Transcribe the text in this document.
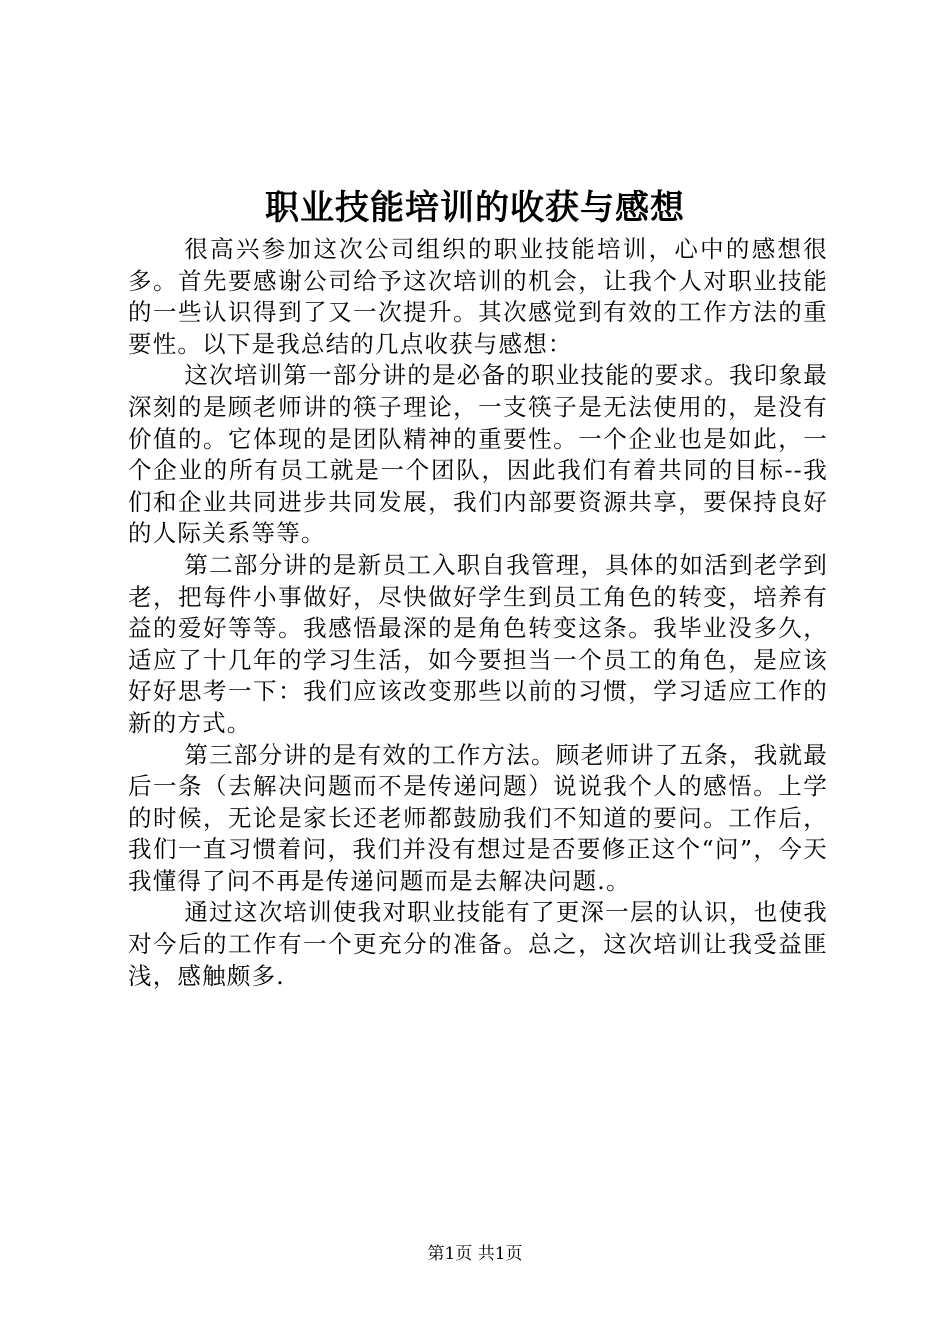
职业技能培训的收获与感想

很高兴参加这次公司组织的职业技能培训，心中的感想很多。首先要感谢公司给予这次培训的机会，让我个人对职业技能的一些认识得到了又一次提升。其次感觉到有效的工作方法的重要性。以下是我总结的几点收获与感想：

这次培训第一部分讲的是必备的职业技能的要求。我印象最深刻的是顾老师讲的筷子理论，一支筷子是无法使用的，是没有价值的。它体现的是团队精神的重要性。一个企业也是如此，一个企业的所有员工就是一个团队，因此我们有着共同的目标--我们和企业共同进步共同发展，我们内部要资源共享，要保持良好的人际关系等等。

第二部分讲的是新员工入职自我管理，具体的如活到老学到老，把每件小事做好，尽快做好学生到员工角色的转变，培养有益的爱好等等。我感悟最深的是角色转变这条。我毕业没多久，适应了十几年的学习生活，如今要担当一个员工的角色，是应该好好思考一下：我们应该改变那些以前的习惯，学习适应工作的新的方式。

第三部分讲的是有效的工作方法。顾老师讲了五条，我就最后一条（去解决问题而不是传递问题）说说我个人的感悟。上学的时候，无论是家长还老师都鼓励我们不知道的要问。工作后，我们一直习惯着问，我们并没有想过是否要修正这个“问”，今天我懂得了问不再是传递问题而是去解决问题.。

通过这次培训使我对职业技能有了更深一层的认识，也使我对今后的工作有一个更充分的准备。总之，这次培训让我受益匪浅，感触颇多.

第1页 共1页
